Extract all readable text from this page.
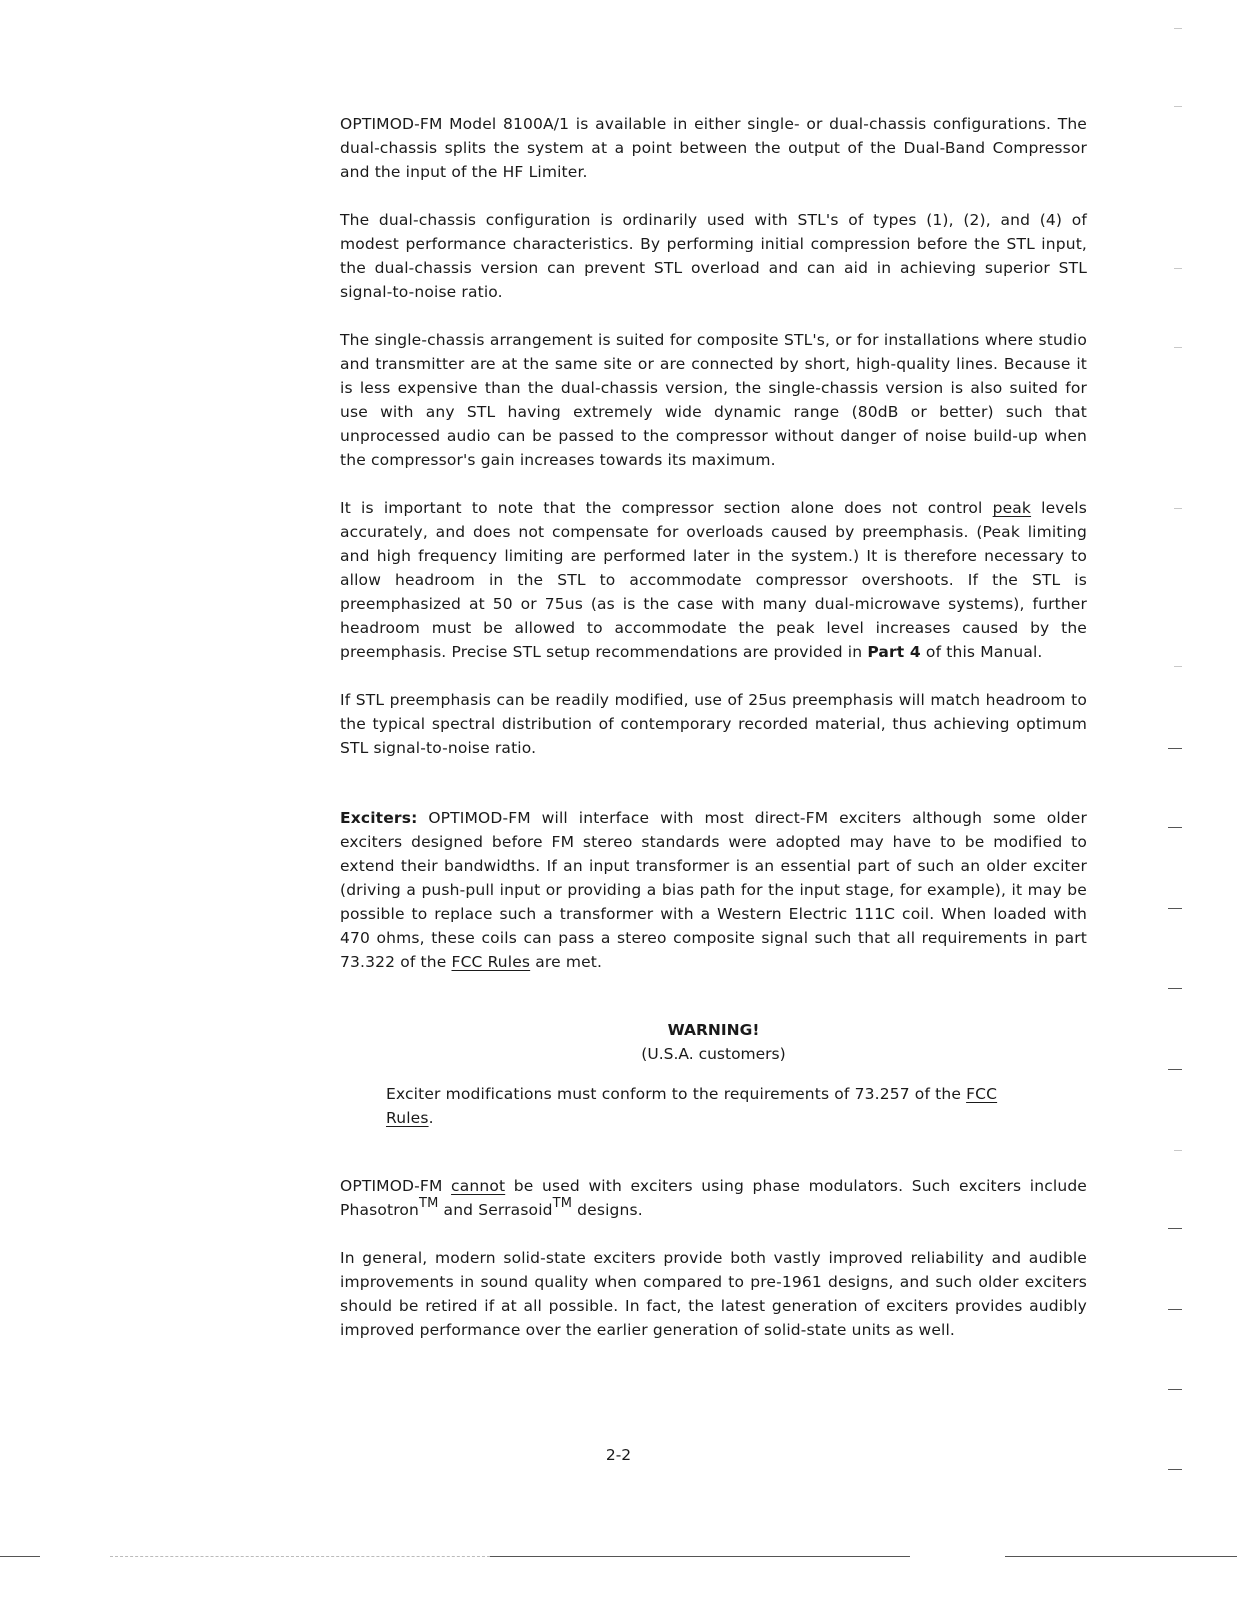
OPTIMOD-FM Model 8100A/1 is available in either single- or dual-chassis configurations. The dual-chassis splits the system at a point between the output of the Dual-Band Compressor and the input of the HF Limiter.

The dual-chassis configuration is ordinarily used with STL's of types (1), (2), and (4) of modest performance characteristics. By performing initial compression before the STL input, the dual-chassis version can prevent STL overload and can aid in achieving superior STL signal-to-noise ratio.

The single-chassis arrangement is suited for composite STL's, or for installations where studio and transmitter are at the same site or are connected by short, high-quality lines. Because it is less expensive than the dual-chassis version, the single-chassis version is also suited for use with any STL having extremely wide dynamic range (80dB or better) such that unprocessed audio can be passed to the compressor without danger of noise build-up when the compressor's gain increases towards its maximum.

It is important to note that the compressor section alone does not control peak levels accurately, and does not compensate for overloads caused by preemphasis. (Peak limiting and high frequency limiting are performed later in the system.) It is therefore necessary to allow headroom in the STL to accommodate compressor overshoots. If the STL is preemphasized at 50 or 75us (as is the case with many dual-microwave systems), further headroom must be allowed to accommodate the peak level increases caused by the preemphasis. Precise STL setup recommendations are provided in Part 4 of this Manual.

If STL preemphasis can be readily modified, use of 25us preemphasis will match headroom to the typical spectral distribution of contemporary recorded material, thus achieving optimum STL signal-to-noise ratio.

Exciters: OPTIMOD-FM will interface with most direct-FM exciters although some older exciters designed before FM stereo standards were adopted may have to be modified to extend their bandwidths. If an input transformer is an essential part of such an older exciter (driving a push-pull input or providing a bias path for the input stage, for example), it may be possible to replace such a transformer with a Western Electric 111C coil. When loaded with 470 ohms, these coils can pass a stereo composite signal such that all requirements in part 73.322 of the FCC Rules are met.

WARNING!

(U.S.A. customers)

Exciter modifications must conform to the requirements of 73.257 of the FCC Rules.

OPTIMOD-FM cannot be used with exciters using phase modulators. Such exciters include Phasotron™ and Serrasoid™ designs.

In general, modern solid-state exciters provide both vastly improved reliability and audible improvements in sound quality when compared to pre-1961 designs, and such older exciters should be retired if at all possible. In fact, the latest generation of exciters provides audibly improved performance over the earlier generation of solid-state units as well.

2-2
